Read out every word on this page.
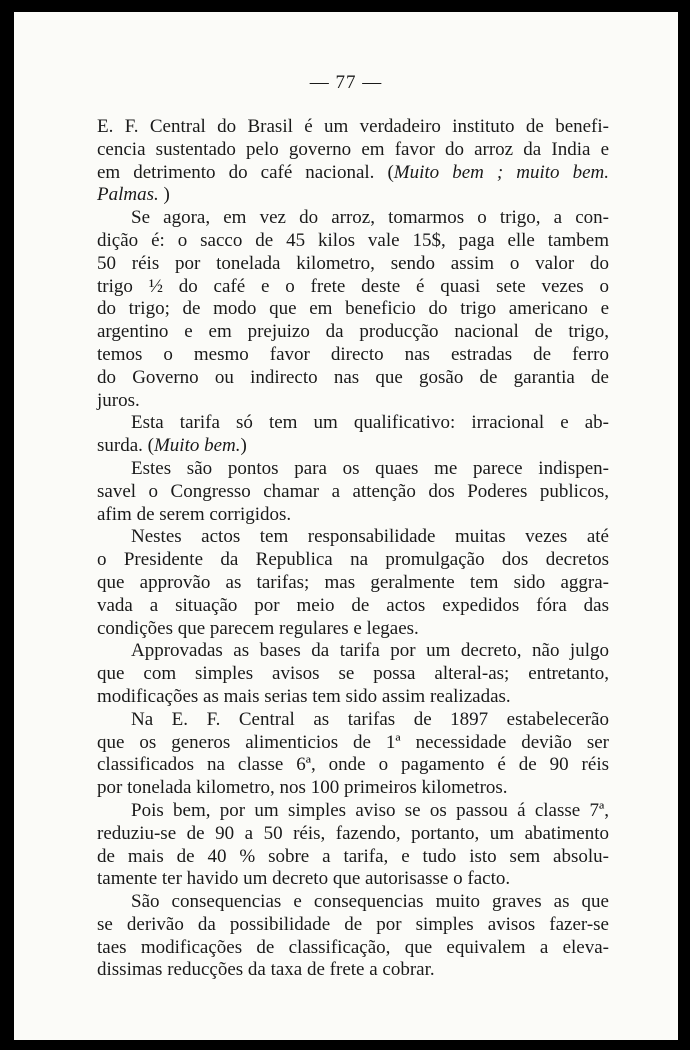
— 77 —
E. F. Central do Brasil é um verdadeiro instituto de benefi-
cencia sustentado pelo governo em favor do arroz da India e
em detrimento do café nacional. (Muito bem ; muito bem.
Palmas. )
Se agora, em vez do arroz, tomarmos o trigo, a con-
dição é: o sacco de 45 kilos vale 15$, paga elle tambem
50 réis por tonelada kilometro, sendo assim o valor do
trigo ½ do café e o frete deste é quasi sete vezes o
do trigo; de modo que em beneficio do trigo americano e
argentino e em prejuizo da producção nacional de trigo,
temos o mesmo favor directo nas estradas de ferro
do Governo ou indirecto nas que gosão de garantia de
juros.
Esta tarifa só tem um qualificativo: irracional e ab-
surda. (Muito bem.)
Estes são pontos para os quaes me parece indispen-
savel o Congresso chamar a attenção dos Poderes publicos,
afim de serem corrigidos.
Nestes actos tem responsabilidade muitas vezes até
o Presidente da Republica na promulgação dos decretos
que approvão as tarifas; mas geralmente tem sido aggra-
vada a situação por meio de actos expedidos fóra das
condições que parecem regulares e legaes.
Approvadas as bases da tarifa por um decreto, não julgo
que com simples avisos se possa alteral-as; entretanto,
modificações as mais serias tem sido assim realizadas.
Na E. F. Central as tarifas de 1897 estabelecerão
que os generos alimenticios de 1ª necessidade devião ser
classificados na classe 6ª, onde o pagamento é de 90 réis
por tonelada kilometro, nos 100 primeiros kilometros.
Pois bem, por um simples aviso se os passou á classe 7ª,
reduziu-se de 90 a 50 réis, fazendo, portanto, um abatimento
de mais de 40 % sobre a tarifa, e tudo isto sem absolu-
tamente ter havido um decreto que autorisasse o facto.
São consequencias e consequencias muito graves as que
se derivão da possibilidade de por simples avisos fazer-se
taes modificações de classificação, que equivalem a eleva-
dissimas reducções da taxa de frete a cobrar.
